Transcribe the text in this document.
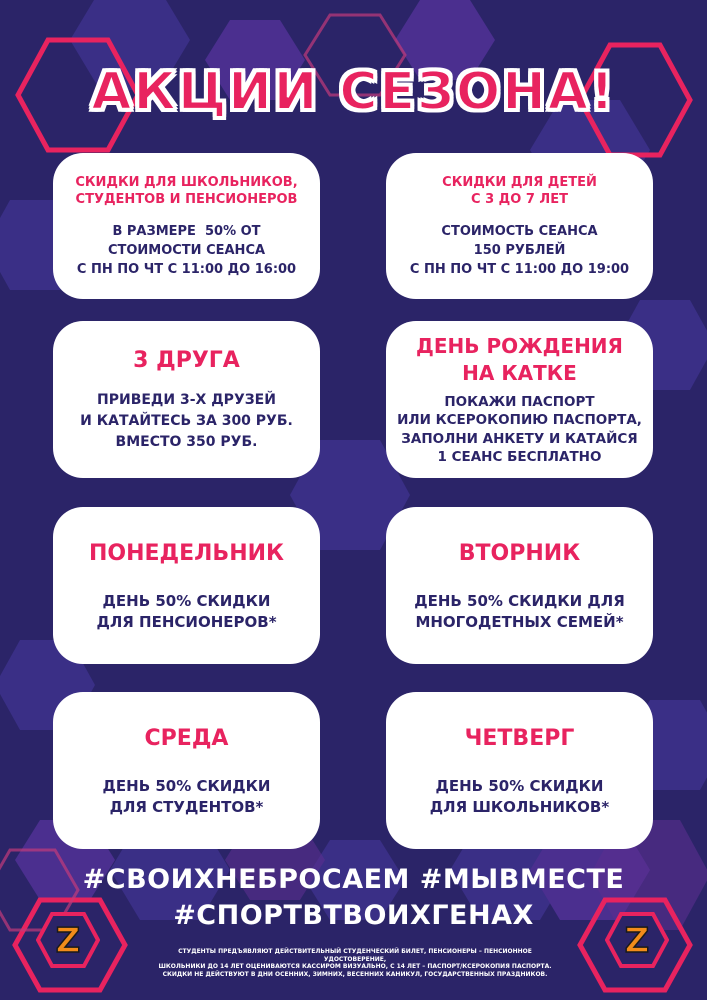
АКЦИИ СЕЗОНА!
СКИДКИ ДЛЯ ШКОЛЬНИКОВ, СТУДЕНТОВ И ПЕНСИОНЕРОВ
В РАЗМЕРЕ  50% ОТ
СТОИМОСТИ СЕАНСА
С ПН ПО ЧТ С 11:00 ДО 16:00
СКИДКИ ДЛЯ ДЕТЕЙ
С 3 ДО 7 ЛЕТ
СТОИМОСТЬ СЕАНСА
150 РУБЛЕЙ
С ПН ПО ЧТ С 11:00 ДО 19:00
3 ДРУГА
ПРИВЕДИ 3-Х ДРУЗЕЙ
И КАТАЙТЕСЬ ЗА 300 РУБ.
ВМЕСТО 350 РУБ.
ДЕНЬ РОЖДЕНИЯ
НА КАТКЕ
ПОКАЖИ ПАСПОРТ
ИЛИ КСЕРОКОПИЮ ПАСПОРТА,
ЗАПОЛНИ АНКЕТУ И КАТАЙСЯ
1 СЕАНС БЕСПЛАТНО
ПОНЕДЕЛЬНИК
ДЕНЬ 50% СКИДКИ
ДЛЯ ПЕНСИОНЕРОВ*
ВТОРНИК
ДЕНЬ 50% СКИДКИ ДЛЯ
МНОГОДЕТНЫХ СЕМЕЙ*
СРЕДА
ДЕНЬ 50% СКИДКИ
ДЛЯ СТУДЕНТОВ*
ЧЕТВЕРГ
ДЕНЬ 50% СКИДКИ
ДЛЯ ШКОЛЬНИКОВ*
#СВОИХНЕБРОСАЕМ #МЫВМЕСТЕ
#СПОРТВТВОИХГЕНАХ
Z	Z
СТУДЕНТЫ ПРЕДЪЯВЛЯЮТ ДЕЙСТВИТЕЛЬНЫЙ СТУДЕНЧЕСКИЙ БИЛЕТ, ПЕНСИОНЕРЫ – ПЕНСИОННОЕ УДОСТОВЕРЕНИЕ,
ШКОЛЬНИКИ ДО 14 ЛЕТ ОЦЕНИВАЮТСЯ КАССИРОМ ВИЗУАЛЬНО, С 14 ЛЕТ – ПАСПОРТ/КСЕРОКОПИЯ ПАСПОРТА.
СКИДКИ НЕ ДЕЙСТВУЮТ В ДНИ ОСЕННИХ, ЗИМНИХ, ВЕСЕННИХ КАНИКУЛ, ГОСУДАРСТВЕННЫХ ПРАЗДНИКОВ.
